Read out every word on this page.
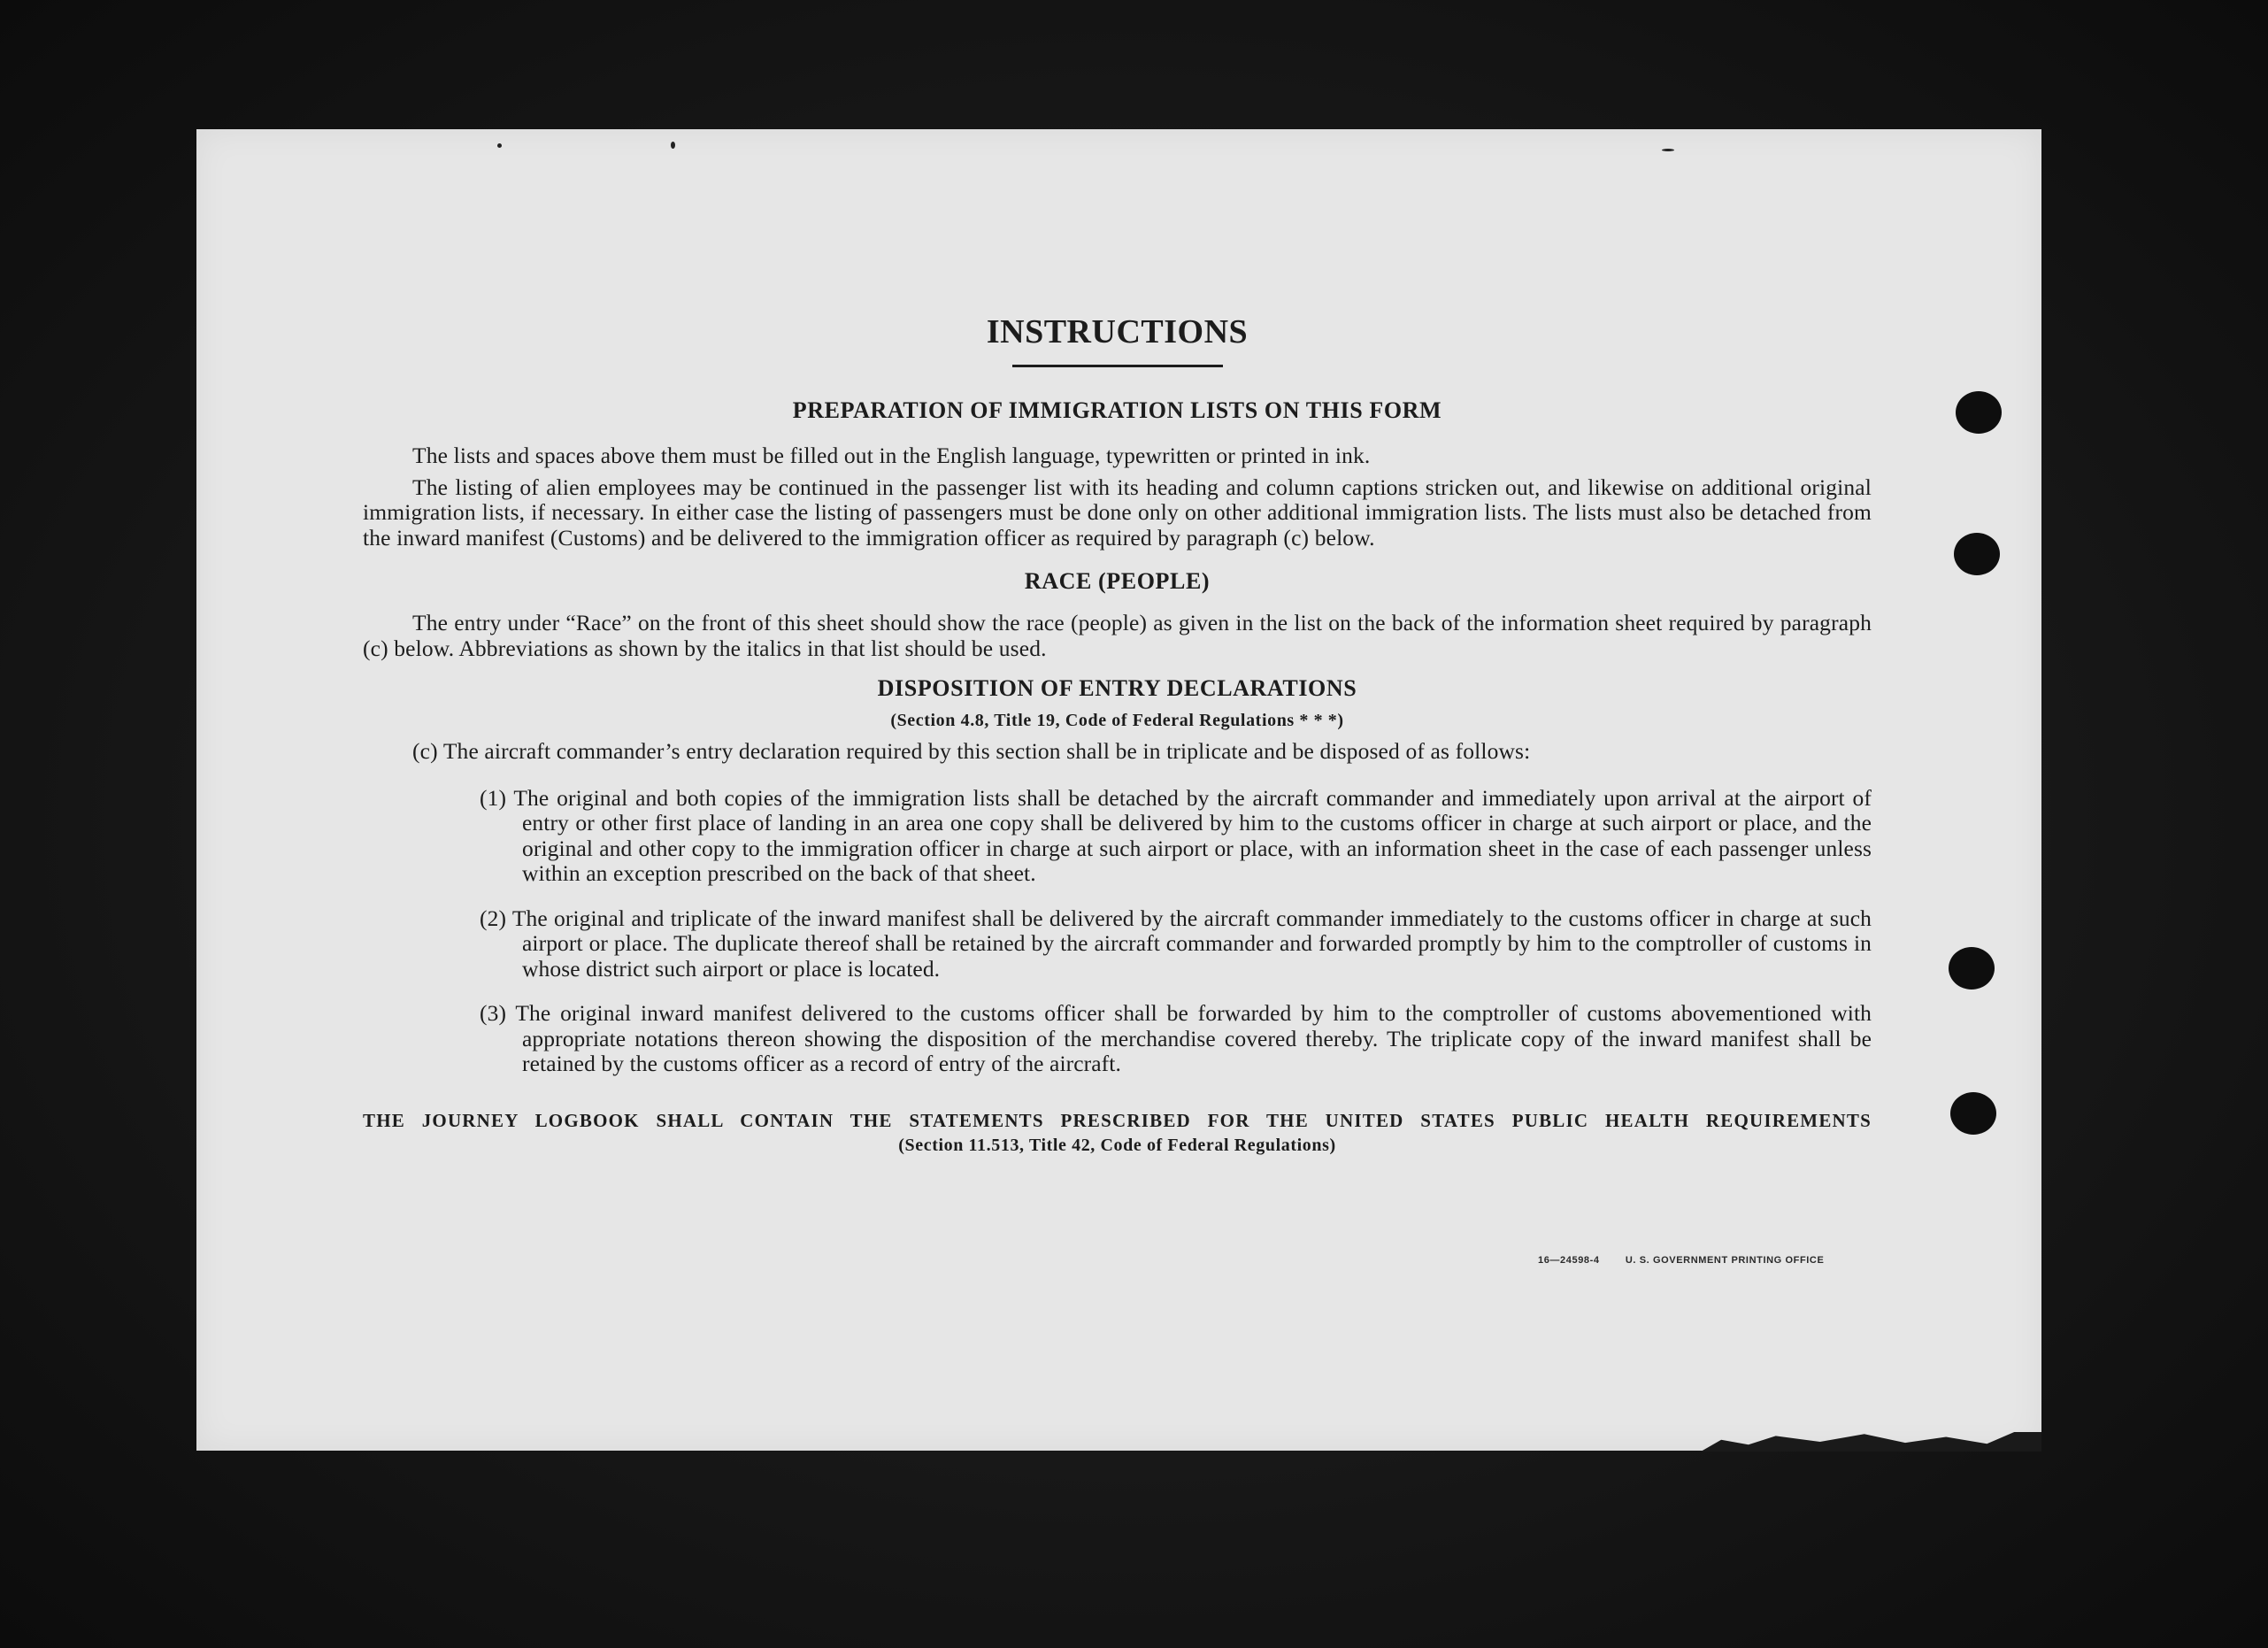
INSTRUCTIONS
PREPARATION OF IMMIGRATION LISTS ON THIS FORM

The lists and spaces above them must be filled out in the English language, typewritten or printed in ink.

The listing of alien employees may be continued in the passenger list with its heading and column captions stricken out, and likewise on additional original immigration lists, if necessary. In either case the listing of passengers must be done only on other additional immigration lists. The lists must also be detached from the inward manifest (Customs) and be delivered to the immigration officer as required by paragraph (c) below.

RACE (PEOPLE)

The entry under “Race” on the front of this sheet should show the race (people) as given in the list on the back of the information sheet required by paragraph (c) below. Abbreviations as shown by the italics in that list should be used.

DISPOSITION OF ENTRY DECLARATIONS

(Section 4.8, Title 19, Code of Federal Regulations * * *)

(c) The aircraft commander’s entry declaration required by this section shall be in triplicate and be disposed of as follows:

(1) The original and both copies of the immigration lists shall be detached by the aircraft commander and immediately upon arrival at the airport of entry or other first place of landing in an area one copy shall be delivered by him to the customs officer in charge at such airport or place, and the original and other copy to the immigration officer in charge at such airport or place, with an information sheet in the case of each passenger unless within an exception prescribed on the back of that sheet.

(2) The original and triplicate of the inward manifest shall be delivered by the aircraft commander immediately to the customs officer in charge at such airport or place. The duplicate thereof shall be retained by the aircraft commander and forwarded promptly by him to the comptroller of customs in whose district such airport or place is located.

(3) The original inward manifest delivered to the customs officer shall be forwarded by him to the comptroller of customs abovementioned with appropriate notations thereon showing the disposition of the merchandise covered thereby. The triplicate copy of the inward manifest shall be retained by the customs officer as a record of entry of the aircraft.

THE JOURNEY LOGBOOK SHALL CONTAIN THE STATEMENTS PRESCRIBED FOR THE UNITED STATES PUBLIC HEALTH REQUIREMENTS

(Section 11.513, Title 42, Code of Federal Regulations)

16—24598-4        U. S. GOVERNMENT PRINTING OFFICE
